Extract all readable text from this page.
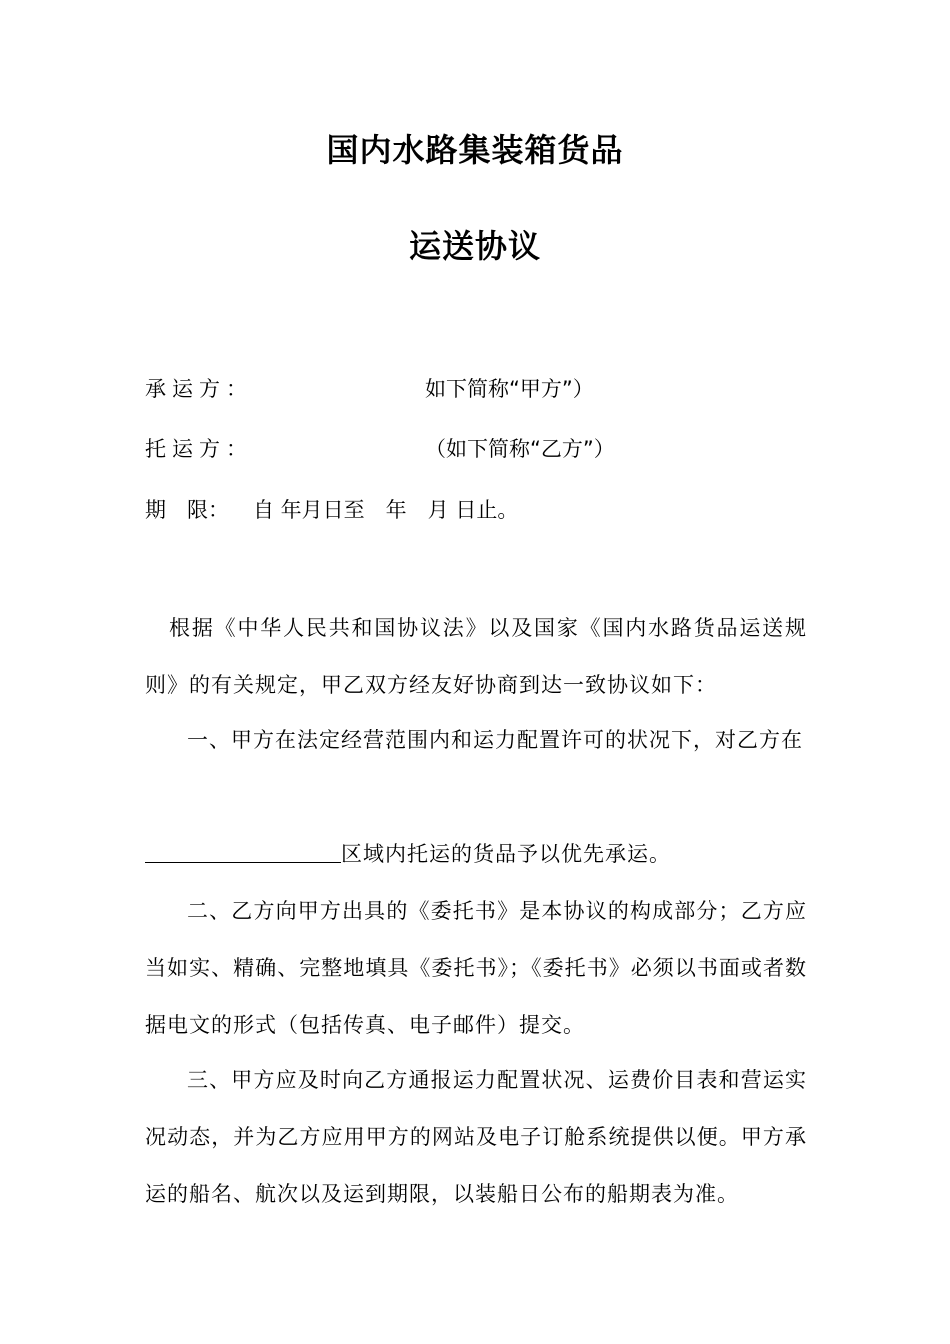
国内水路集装箱货品
运送协议
承运方：	如下简称“甲方”）
托运方：	（如下简称“乙方”）
期　限： 自 年月日至　年　月 日止。

根据《中华人民共和国协议法》以及国家《国内水路货品运送规则》的有关规定，甲乙双方经友好协商到达一致协议如下：

一、甲方在法定经营范围内和运力配置许可的状况下，对乙方在

区域内托运的货品予以优先承运。

二、乙方向甲方出具的《委托书》是本协议的构成部分；乙方应当如实、精确、完整地填具《委托书》；《委托书》必须以书面或者数据电文的形式（包括传真、电子邮件）提交。

三、甲方应及时向乙方通报运力配置状况、运费价目表和营运实况动态，并为乙方应用甲方的网站及电子订舱系统提供以便。甲方承运的船名、航次以及运到期限，以装船日公布的船期表为准。
